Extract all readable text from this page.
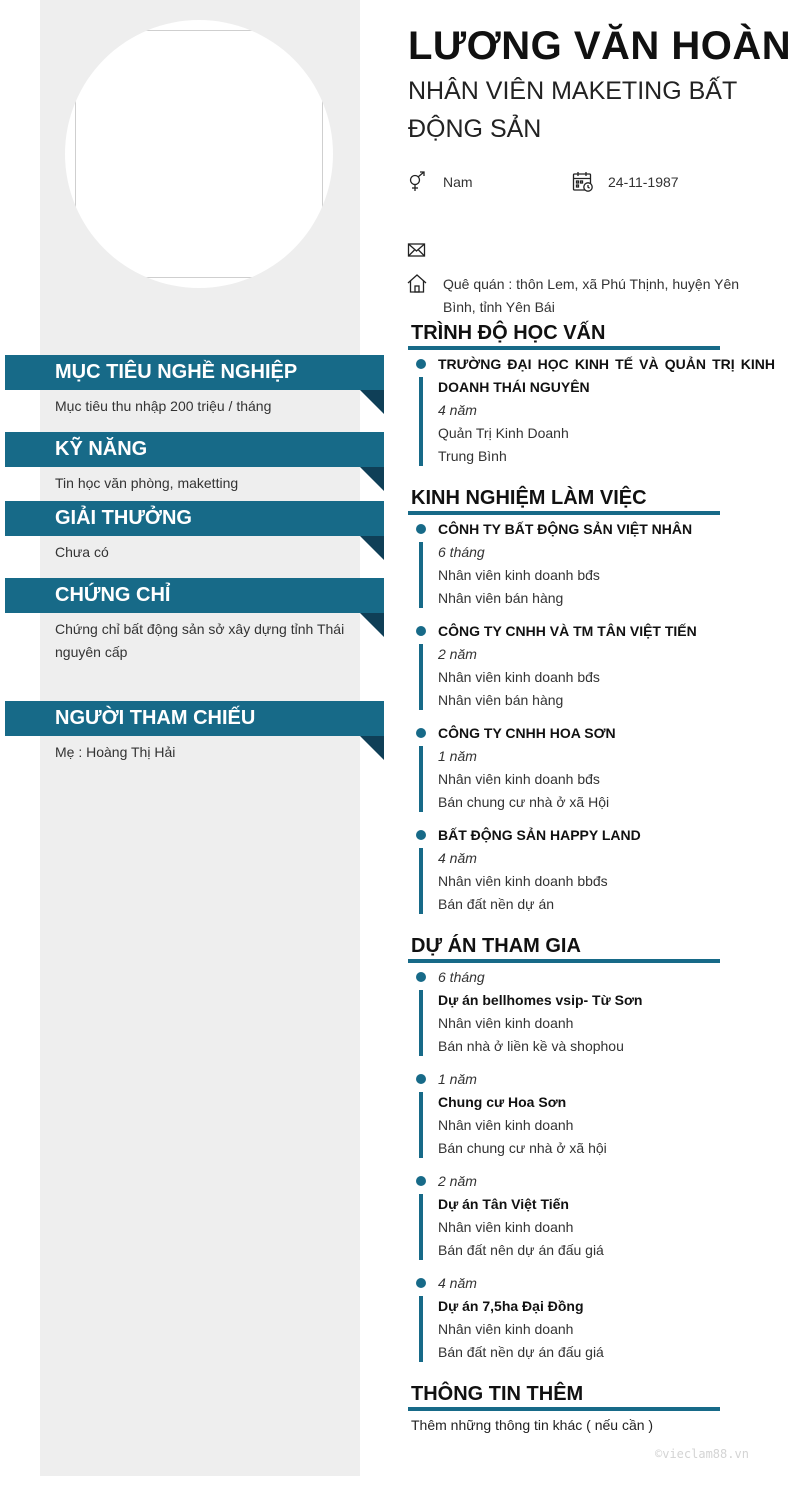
MỤC TIÊU NGHỀ NGHIỆP
Mục tiêu thu nhập 200 triệu / tháng
KỸ NĂNG
Tin học văn phòng, maketting
GIẢI THƯỞNG
Chưa có
CHỨNG CHỈ
Chứng chỉ bất động sản sở xây dựng tỉnh Thái nguyên cấp
NGƯỜI THAM CHIẾU
Mẹ : Hoàng Thị Hải
LƯƠNG VĂN HOÀN
NHÂN VIÊN MAKETING BẤT ĐỘNG SẢN
Nam	24-11-1987
Quê quán : thôn Lem, xã Phú Thịnh, huyện Yên Bình, tỉnh Yên Bái
TRÌNH ĐỘ HỌC VẤN
TRƯỜNG ĐẠI HỌC KINH TẾ VÀ QUẢN TRỊ KINH DOANH THÁI NGUYÊN
4 năm
Quản Trị Kinh Doanh
Trung Bình
KINH NGHIỆM LÀM VIỆC
CÔNH TY BẤT ĐỘNG SẢN VIỆT NHÂN
6 tháng
Nhân viên kinh doanh bđs
Nhân viên bán hàng
CÔNG TY CNHH VÀ TM TÂN VIỆT TIẾN
2 năm
Nhân viên kinh doanh bđs
Nhân viên bán hàng
CÔNG TY CNHH HOA SƠN
1 năm
Nhân viên kinh doanh bđs
Bán chung cư nhà ở xã Hội
BẤT ĐỘNG SẢN HAPPY LAND
4 năm
Nhân viên kinh doanh bbđs
Bán đất nền dự án
DỰ ÁN THAM GIA
6 tháng
Dự án bellhomes vsip- Từ Sơn
Nhân viên kinh doanh
Bán nhà ở liền kề và shophou
1 năm
Chung cư Hoa Sơn
Nhân viên kinh doanh
Bán chung cư nhà ở xã hội
2 năm
Dự án Tân Việt Tiến
Nhân viên kinh doanh
Bán đất nên dự án đấu giá
4 năm
Dự án 7,5ha Đại Đồng
Nhân viên kinh doanh
Bán đất nền dự án đấu giá
THÔNG TIN THÊM
Thêm những thông tin khác ( nếu cần )
©vieclam88.vn
